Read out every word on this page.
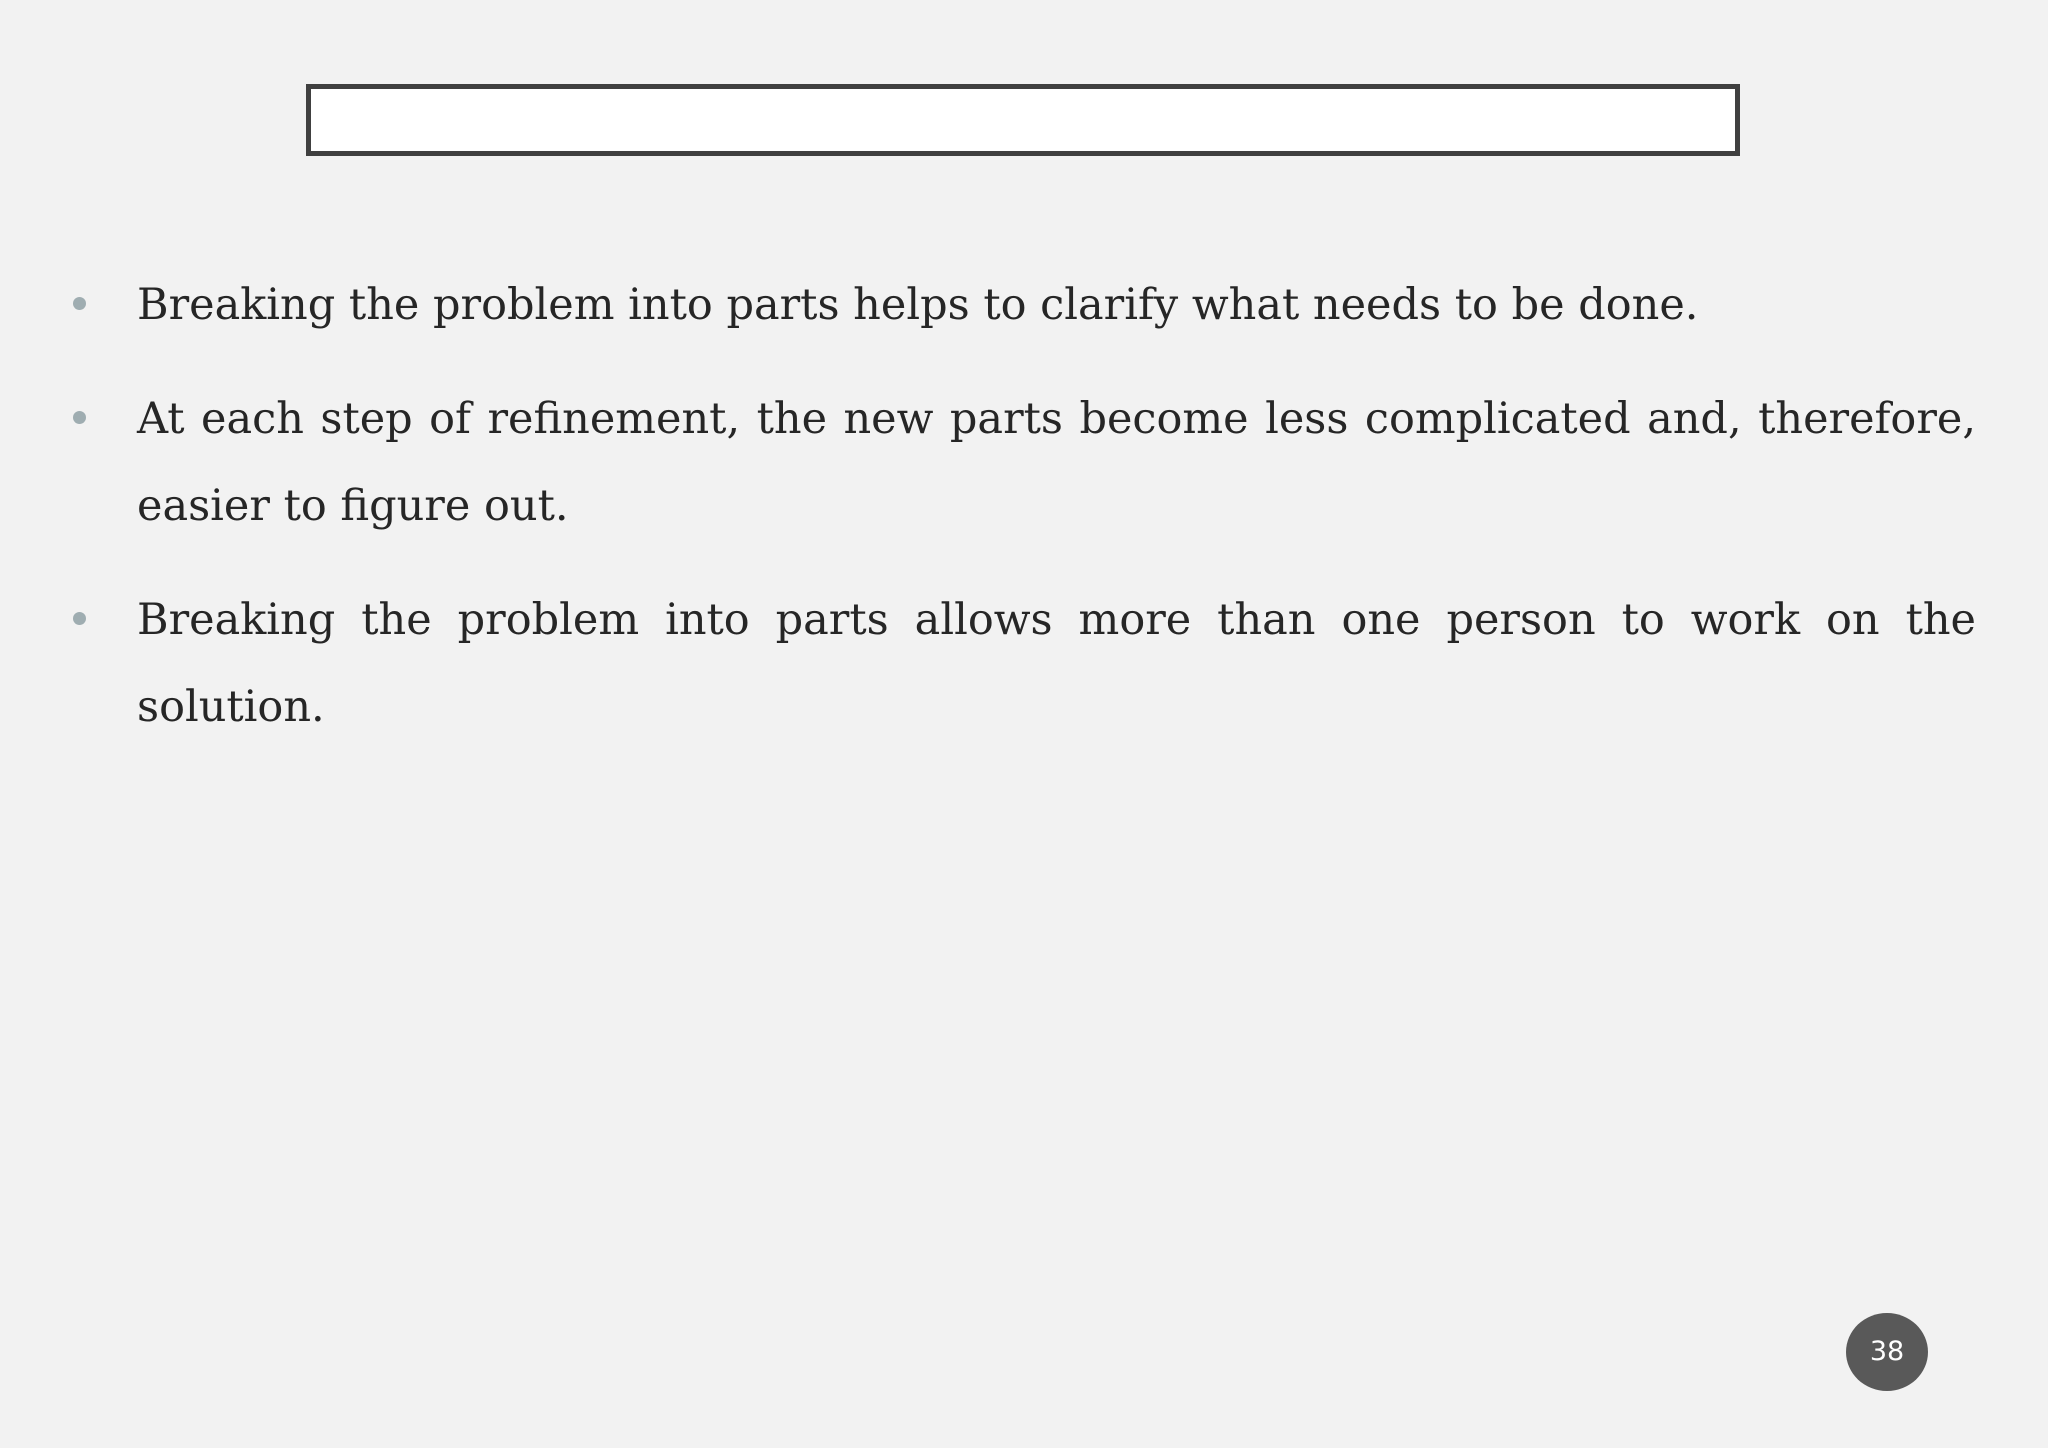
Breaking the problem into parts helps to clarify what needs to be done.
At each step of refinement, the new parts become less complicated and, therefore, easier to figure out.
Breaking the problem into parts allows more than one person to work on the solution.
38
